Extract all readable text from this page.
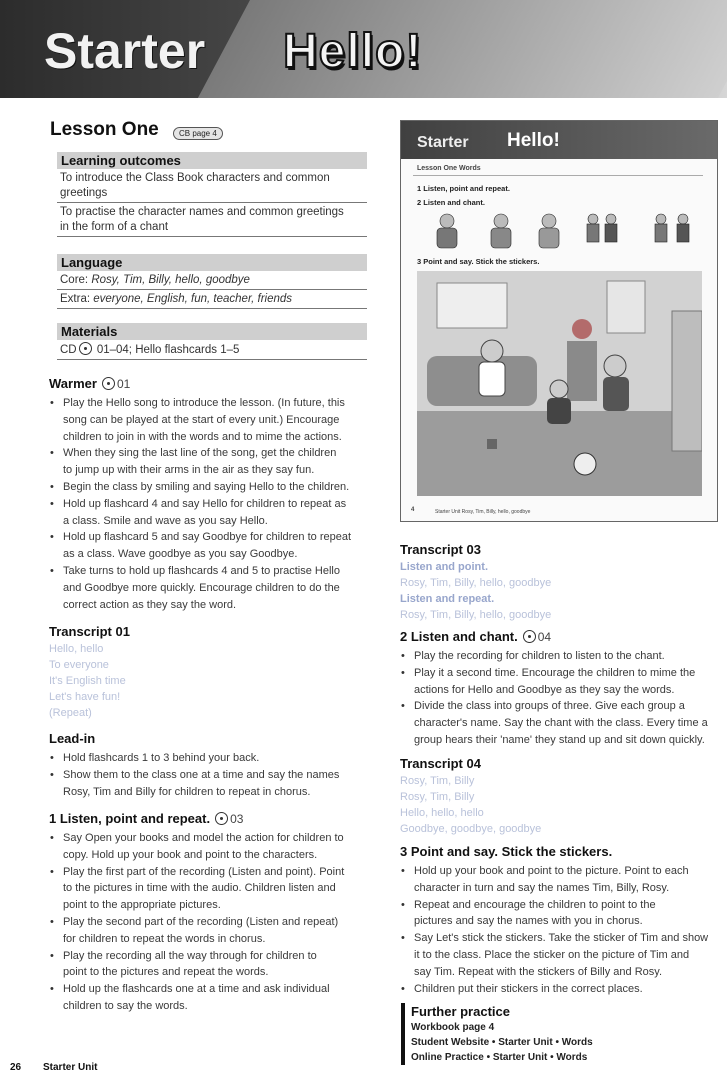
Starter Hello!
Lesson One	CB page 4
Learning outcomes
To introduce the Class Book characters and common
greetings
To practise the character names and common greetings
in the form of a chant
Language
Core: Rosy, Tim, Billy, hello, goodbye
Extra: everyone, English, fun, teacher, friends
Materials
CD 01–04; Hello flashcards 1–5
Warmer 01
• Play the Hello song to introduce the lesson. (In future, this
song can be played at the start of every unit.) Encourage
children to join in with the words and to mime the actions.
• When they sing the last line of the song, get the children
to jump up with their arms in the air as they say fun.
• Begin the class by smiling and saying Hello to the children.
• Hold up flashcard 4 and say Hello for children to repeat as
a class. Smile and wave as you say Hello.
• Hold up flashcard 5 and say Goodbye for children to repeat
as a class. Wave goodbye as you say Goodbye.
• Take turns to hold up flashcards 4 and 5 to practise Hello
and Goodbye more quickly. Encourage children to do the
correct action as they say the word.
Transcript 01
Hello, hello
To everyone
It's English time
Let's have fun!
(Repeat)
Lead-in
• Hold flashcards 1 to 3 behind your back.
• Show them to the class one at a time and say the names
Rosy, Tim and Billy for children to repeat in chorus.
1 Listen, point and repeat. 03
• Say Open your books and model the action for children to
copy. Hold up your book and point to the characters.
• Play the first part of the recording (Listen and point). Point
to the pictures in time with the audio. Children listen and
point to the appropriate pictures.
• Play the second part of the recording (Listen and repeat)
for children to repeat the words in chorus.
• Play the recording all the way through for children to
point to the pictures and repeat the words.
• Hold up the flashcards one at a time and ask individual
children to say the words.
Starter Hello!
Lesson One Words
1 Listen, point and repeat.
2 Listen and chant.
3 Point and say. Stick the stickers.
4	Starter Unit Rosy, Tim, Billy, hello, goodbye
Transcript 03
Listen and point.
Rosy, Tim, Billy, hello, goodbye
Listen and repeat.
Rosy, Tim, Billy, hello, goodbye
2 Listen and chant. 04
• Play the recording for children to listen to the chant.
• Play it a second time. Encourage the children to mime the
actions for Hello and Goodbye as they say the words.
• Divide the class into groups of three. Give each group a
character's name. Say the chant with the class. Every time a
group hears their 'name' they stand up and sit down quickly.
Transcript 04
Rosy, Tim, Billy
Rosy, Tim, Billy
Hello, hello, hello
Goodbye, goodbye, goodbye
3 Point and say. Stick the stickers.
• Hold up your book and point to the picture. Point to each
character in turn and say the names Tim, Billy, Rosy.
• Repeat and encourage the children to point to the
pictures and say the names with you in chorus.
• Say Let's stick the stickers. Take the sticker of Tim and show
it to the class. Place the sticker on the picture of Tim and
say Tim. Repeat with the stickers of Billy and Rosy.
• Children put their stickers in the correct places.
Further practice
Workbook page 4
Student Website • Starter Unit • Words
Online Practice • Starter Unit • Words
26 Starter Unit
